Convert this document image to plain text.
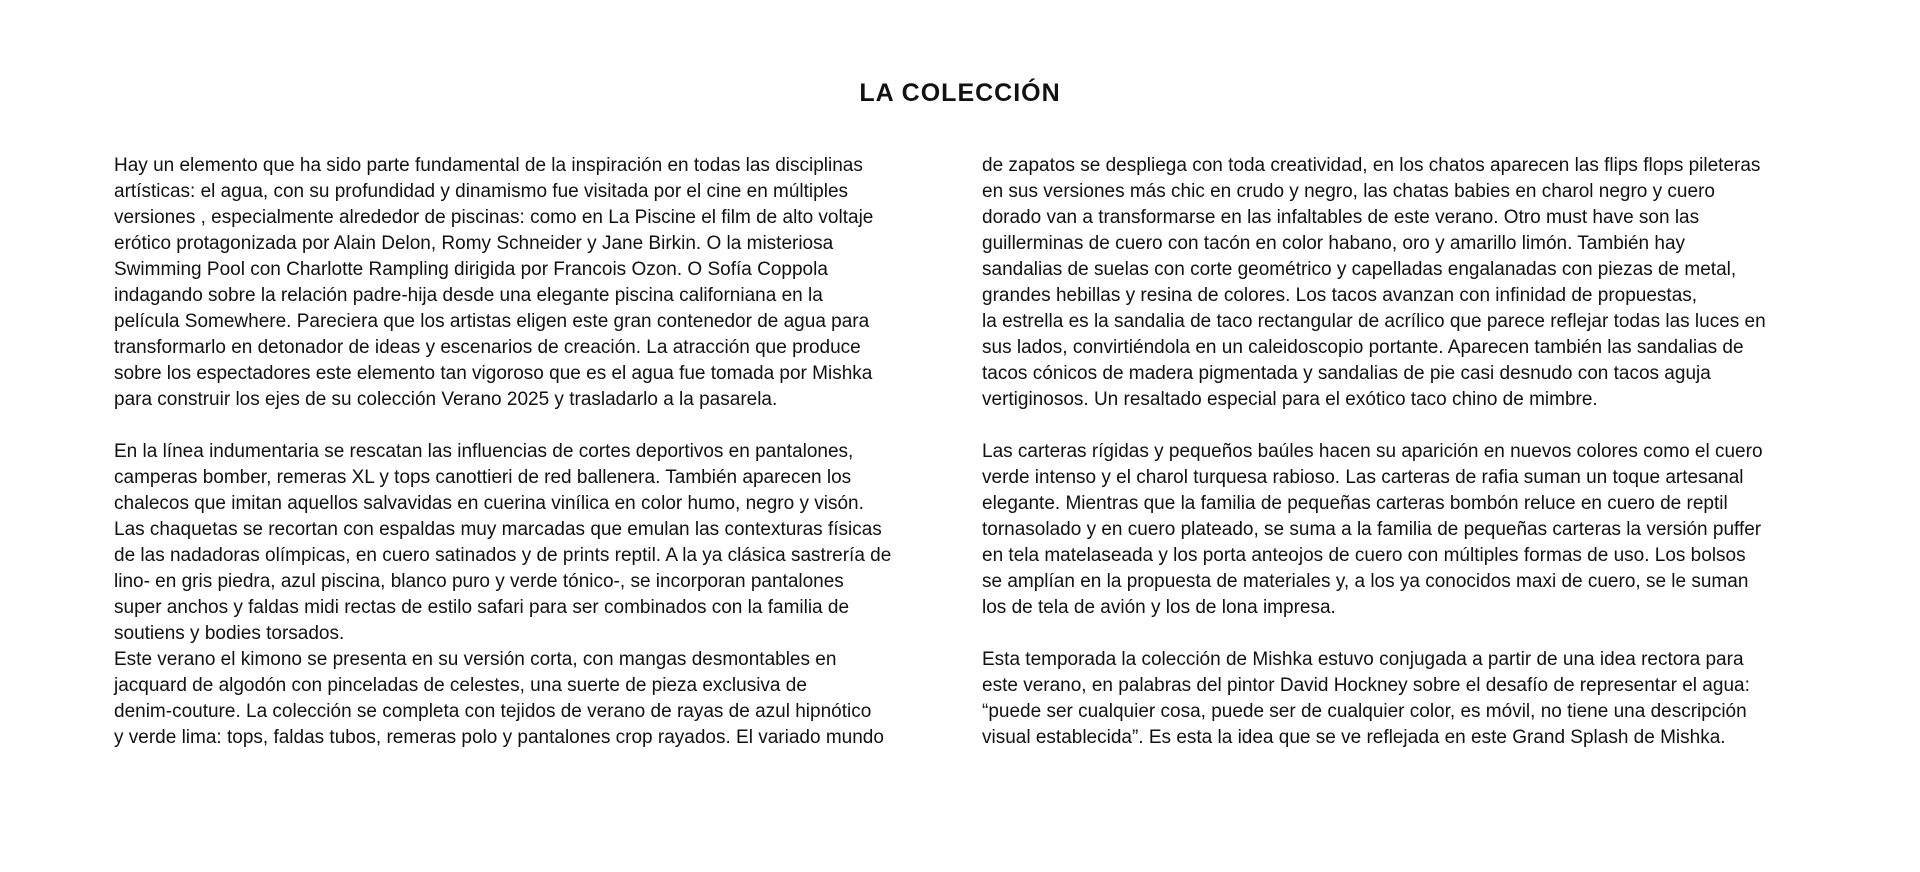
LA COLECCIÓN

Hay un elemento que ha sido parte fundamental de la inspiración en todas las disciplinas
artísticas: el agua, con su profundidad y dinamismo fue visitada por el cine en múltiples
versiones , especialmente alrededor de piscinas: como en La Piscine el film de alto voltaje
erótico protagonizada por Alain Delon, Romy Schneider y Jane Birkin. O la misteriosa
Swimming Pool con Charlotte Rampling dirigida por Francois Ozon. O Sofía Coppola
indagando sobre la relación padre-hija desde una elegante piscina californiana en la
película Somewhere. Pareciera que los artistas eligen este gran contenedor de agua para
transformarlo en detonador de ideas y escenarios de creación. La atracción que produce
sobre los espectadores este elemento tan vigoroso que es el agua fue tomada por Mishka
para construir los ejes de su colección Verano 2025 y trasladarlo a la pasarela.

En la línea indumentaria se rescatan las influencias de cortes deportivos en pantalones,
camperas bomber, remeras XL y tops canottieri de red ballenera. También aparecen los
chalecos que imitan aquellos salvavidas en cuerina vinílica en color humo, negro y visón.
Las chaquetas se recortan con espaldas muy marcadas que emulan las contexturas físicas
de las nadadoras olímpicas, en cuero satinados y de prints reptil. A la ya clásica sastrería de
lino- en gris piedra, azul piscina, blanco puro y verde tónico-, se incorporan pantalones
super anchos y faldas midi rectas de estilo safari para ser combinados con la familia de
soutiens y bodies torsados.

Este verano el kimono se presenta en su versión corta, con mangas desmontables en
jacquard de algodón con pinceladas de celestes, una suerte de pieza exclusiva de
denim-couture. La colección se completa con tejidos de verano de rayas de azul hipnótico
y verde lima: tops, faldas tubos, remeras polo y pantalones crop rayados. El variado mundo

de zapatos se despliega con toda creatividad, en los chatos aparecen las flips flops pileteras
en sus versiones más chic en crudo y negro, las chatas babies en charol negro y cuero
dorado van a transformarse en las infaltables de este verano. Otro must have son las
guillerminas de cuero con tacón en color habano, oro y amarillo limón. También hay
sandalias de suelas con corte geométrico y capelladas engalanadas con piezas de metal,
grandes hebillas y resina de colores. Los tacos avanzan con infinidad de propuestas,
la estrella es la sandalia de taco rectangular de acrílico que parece reflejar todas las luces en
sus lados, convirtiéndola en un caleidoscopio portante. Aparecen también las sandalias de
tacos cónicos de madera pigmentada y sandalias de pie casi desnudo con tacos aguja
vertiginosos. Un resaltado especial para el exótico taco chino de mimbre.

Las carteras rígidas y pequeños baúles hacen su aparición en nuevos colores como el cuero
verde intenso y el charol turquesa rabioso. Las carteras de rafia suman un toque artesanal
elegante. Mientras que la familia de pequeñas carteras bombón reluce en cuero de reptil
tornasolado y en cuero plateado, se suma a la familia de pequeñas carteras la versión puffer
en tela matelaseada y los porta anteojos de cuero con múltiples formas de uso. Los bolsos
se amplían en la propuesta de materiales y, a los ya conocidos maxi de cuero, se le suman
los de tela de avión y los de lona impresa.

Esta temporada la colección de Mishka estuvo conjugada a partir de una idea rectora para
este verano, en palabras del pintor David Hockney sobre el desafío de representar el agua:
“puede ser cualquier cosa, puede ser de cualquier color, es móvil, no tiene una descripción
visual establecida”. Es esta la idea que se ve reflejada en este Grand Splash de Mishka.
